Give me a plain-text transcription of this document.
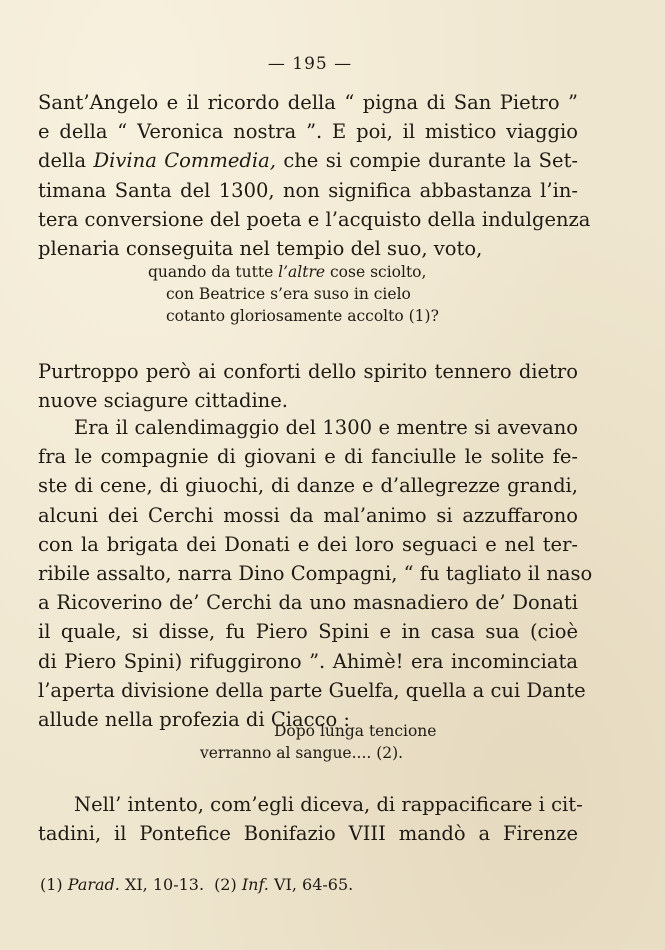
— 195 —
Sant’Angelo e il ricordo della “ pigna di San Pietro ”
e della “ Veronica nostra ”. E poi, il mistico viaggio
della Divina Commedia, che si compie durante la Set-
timana Santa del 1300, non significa abbastanza l’in-
tera conversione del poeta e l’acquisto della indulgenza
plenaria conseguita nel tempio del suo, voto,
quando da tutte l’altre cose sciolto,
con Beatrice s’era suso in cielo
cotanto gloriosamente accolto (1)?
Purtroppo però ai conforti dello spirito tennero dietro
nuove sciagure cittadine.
Era il calendimaggio del 1300 e mentre si avevano
fra le compagnie di giovani e di fanciulle le solite fe-
ste di cene, di giuochi, di danze e d’allegrezze grandi,
alcuni dei Cerchi mossi da mal’animo si azzuffarono
con la brigata dei Donati e dei loro seguaci e nel ter-
ribile assalto, narra Dino Compagni, “ fu tagliato il naso
a Ricoverino de’ Cerchi da uno masnadiero de’ Donati
il quale, si disse, fu Piero Spini e in casa sua (cioè
di Piero Spini) rifuggirono ”. Ahimè! era incominciata
l’aperta divisione della parte Guelfa, quella a cui Dante
allude nella profezia di Ciacco :
Dopo lunga tencione
verranno al sangue.... (2).
Nell’ intento, com’egli diceva, di rappacificare i cit-
tadini, il Pontefice Bonifazio VIII mandò a Firenze
(1) Parad. XI, 10-13. (2) Inf. VI, 64-65.
